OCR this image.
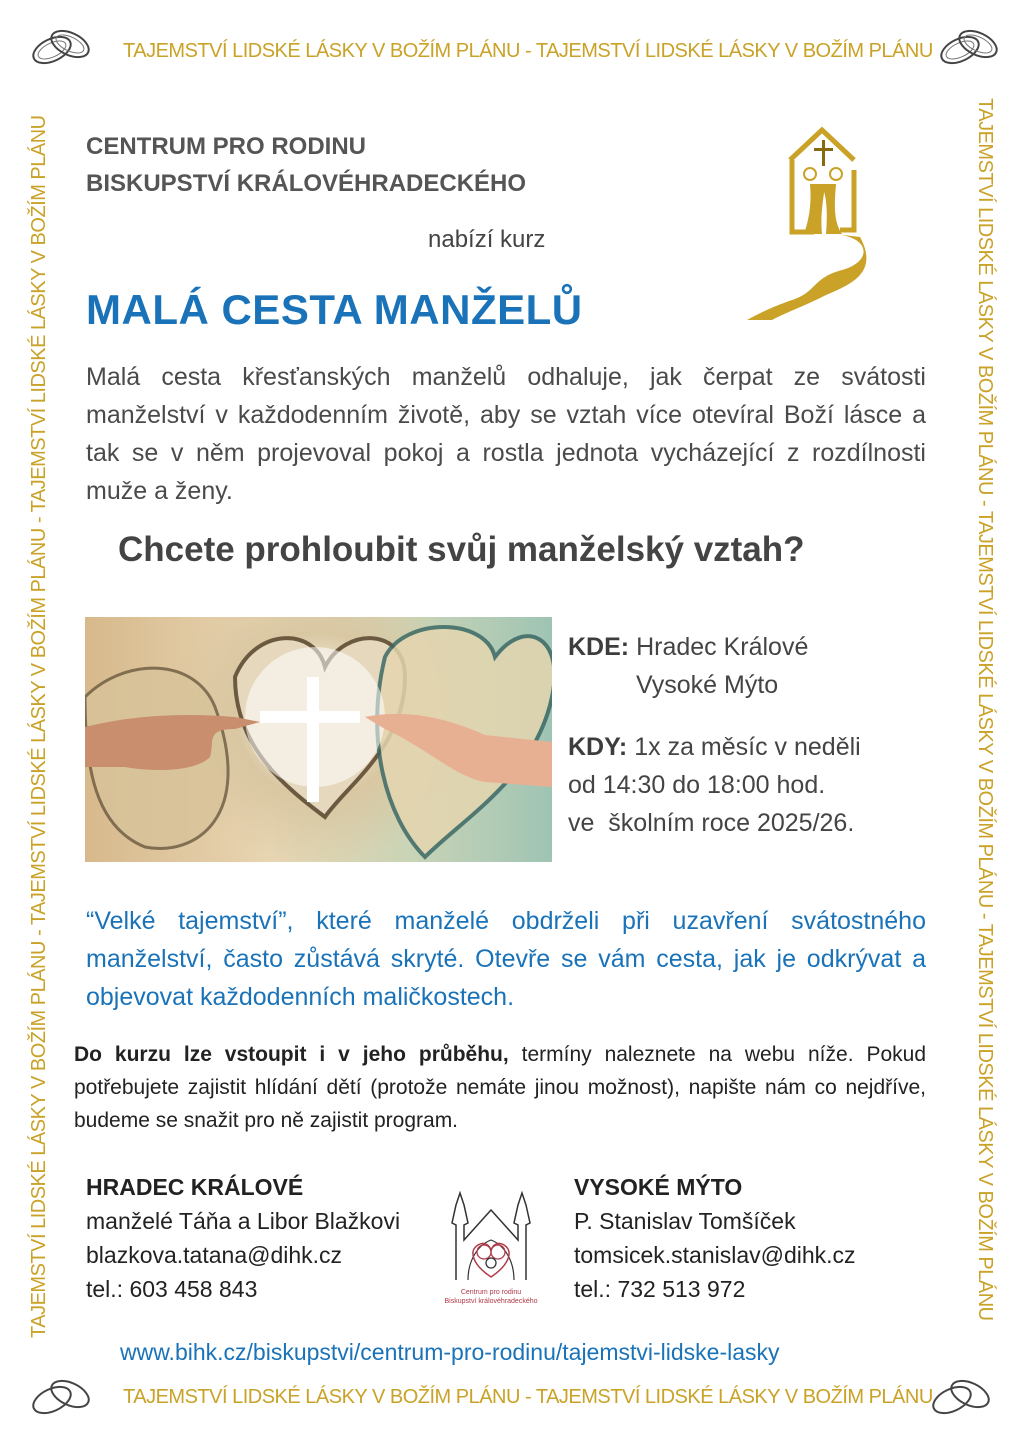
TAJEMSTVÍ LIDSKÉ LÁSKY V BOŽÍM PLÁNU - TAJEMSTVÍ LIDSKÉ LÁSKY V BOŽÍM PLÁNU
TAJEMSTVÍ LIDSKÉ LÁSKY V BOŽÍM PLÁNU - TAJEMSTVÍ LIDSKÉ LÁSKY V BOŽÍM PLÁNU
TAJEMSTVÍ LIDSKÉ LÁSKY V BOŽÍM PLÁNU - TAJEMSTVÍ LIDSKÉ LÁSKY V BOŽÍM PLÁNU - TAJEMSTVÍ LIDSKÉ LÁSKY V BOŽÍM PLÁNU	TAJEMSTVÍ LIDSKÉ LÁSKY V BOŽÍM PLÁNU - TAJEMSTVÍ LIDSKÉ LÁSKY V BOŽÍM PLÁNU - TAJEMSTVÍ LIDSKÉ LÁSKY V BOŽÍM PLÁNU
CENTRUM PRO RODINU
BISKUPSTVÍ KRÁLOVÉHRADECKÉHO
nabízí kurz
MALÁ CESTA MANŽELŮ
Malá cesta křesťanských manželů odhaluje, jak čerpat ze svátosti manželství v každodenním životě, aby se vztah více otevíral Boží lásce a tak se v něm projevoval pokoj a rostla jednota vycházející z rozdílnosti muže a ženy.
Chcete prohloubit svůj manželský vztah?
KDE: Hradec Králové
Vysoké Mýto
KDY: 1x za měsíc v neděli
od 14:30 do 18:00 hod.
ve  školním roce 2025/26.
“Velké tajemství”, které manželé obdrželi při uzavření svátostného manželství, často zůstává skryté. Otevře se vám cesta, jak je odkrývat a objevovat každodenních maličkostech.
Do kurzu lze vstoupit i v jeho průběhu, termíny naleznete na webu níže. Pokud potřebujete zajistit hlídání dětí (protože nemáte jinou možnost), napište nám co nejdříve, budeme se snažit pro ně zajistit program.
HRADEC KRÁLOVÉ
manželé Táňa a Libor Blažkovi
blazkova.tatana@dihk.cz
tel.: 603 458 843	Centrum pro rodinu
Biskupství královéhradeckého
VYSOKÉ MÝTO
P. Stanislav Tomšíček
tomsicek.stanislav@dihk.cz
tel.: 732 513 972
www.bihk.cz/biskupstvi/centrum-pro-rodinu/tajemstvi-lidske-lasky
